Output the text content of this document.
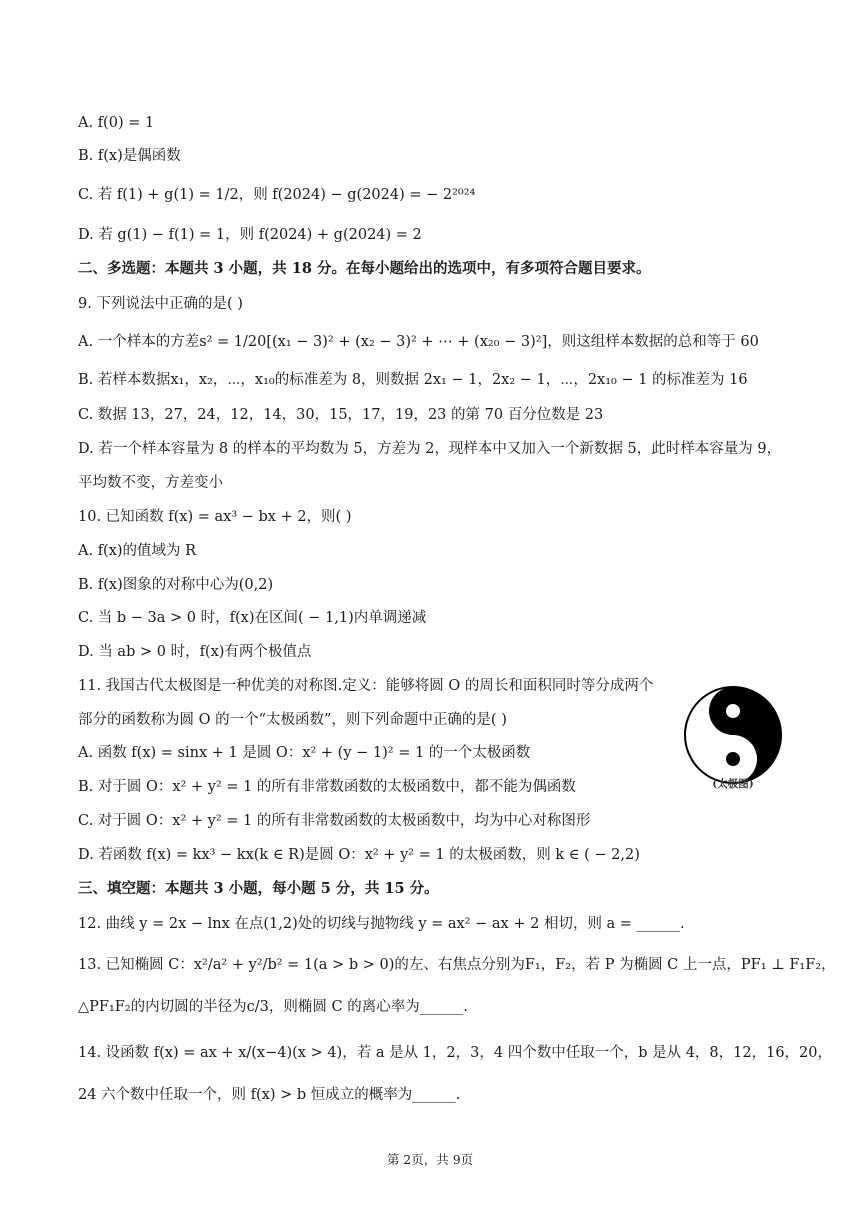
A. f(0) = 1
B. f(x)是偶函数
C. 若 f(1) + g(1) = 1/2，则 f(2024) − g(2024) = − 2²⁰²⁴
D. 若 g(1) − f(1) = 1，则 f(2024) + g(2024) = 2
二、多选题：本题共 3 小题，共 18 分。在每小题给出的选项中，有多项符合题目要求。
9. 下列说法中正确的是( )
A. 一个样本的方差s² = 1/20[(x₁ − 3)² + (x₂ − 3)² + ⋯ + (x₂₀ − 3)²]，则这组样本数据的总和等于 60
B. 若样本数据x₁，x₂，⋯，x₁₀的标准差为 8，则数据 2x₁ − 1，2x₂ − 1，⋯，2x₁₀ − 1 的标准差为 16
C. 数据 13，27，24，12，14，30，15，17，19，23 的第 70 百分位数是 23
D. 若一个样本容量为 8 的样本的平均数为 5，方差为 2，现样本中又加入一个新数据 5，此时样本容量为 9，
平均数不变，方差变小
10. 已知函数 f(x) = ax³ − bx + 2，则( )
A. f(x)的值域为 R
B. f(x)图象的对称中心为(0,2)
C. 当 b − 3a > 0 时，f(x)在区间( − 1,1)内单调递减
D. 当 ab > 0 时，f(x)有两个极值点
11. 我国古代太极图是一种优美的对称图.定义：能够将圆 O 的周长和面积同时等分成两个
部分的函数称为圆 O 的一个“太极函数”，则下列命题中正确的是( )
A. 函数 f(x) = sinx + 1 是圆 O：x² + (y − 1)² = 1 的一个太极函数
B. 对于圆 O：x² + y² = 1 的所有非常数函数的太极函数中，都不能为偶函数
C. 对于圆 O：x² + y² = 1 的所有非常数函数的太极函数中，均为中心对称图形
D. 若函数 f(x) = kx³ − kx(k ∈ R)是圆 O：x² + y² = 1 的太极函数，则 k ∈ ( − 2,2)
三、填空题：本题共 3 小题，每小题 5 分，共 15 分。
12. 曲线 y = 2x − lnx 在点(1,2)处的切线与抛物线 y = ax² − ax + 2 相切，则 a = ______.
13. 已知椭圆 C：x²/a² + y²/b² = 1(a > b > 0)的左、右焦点分别为F₁，F₂，若 P 为椭圆 C 上一点，PF₁ ⊥ F₁F₂，
△PF₁F₂的内切圆的半径为c/3，则椭圆 C 的离心率为______.
14. 设函数 f(x) = ax + x/(x−4)(x > 4)，若 a 是从 1，2，3，4 四个数中任取一个，b 是从 4，8，12，16，20，
24 六个数中任取一个，则 f(x) > b 恒成立的概率为______.
(太极图)
第 2页，共 9页
